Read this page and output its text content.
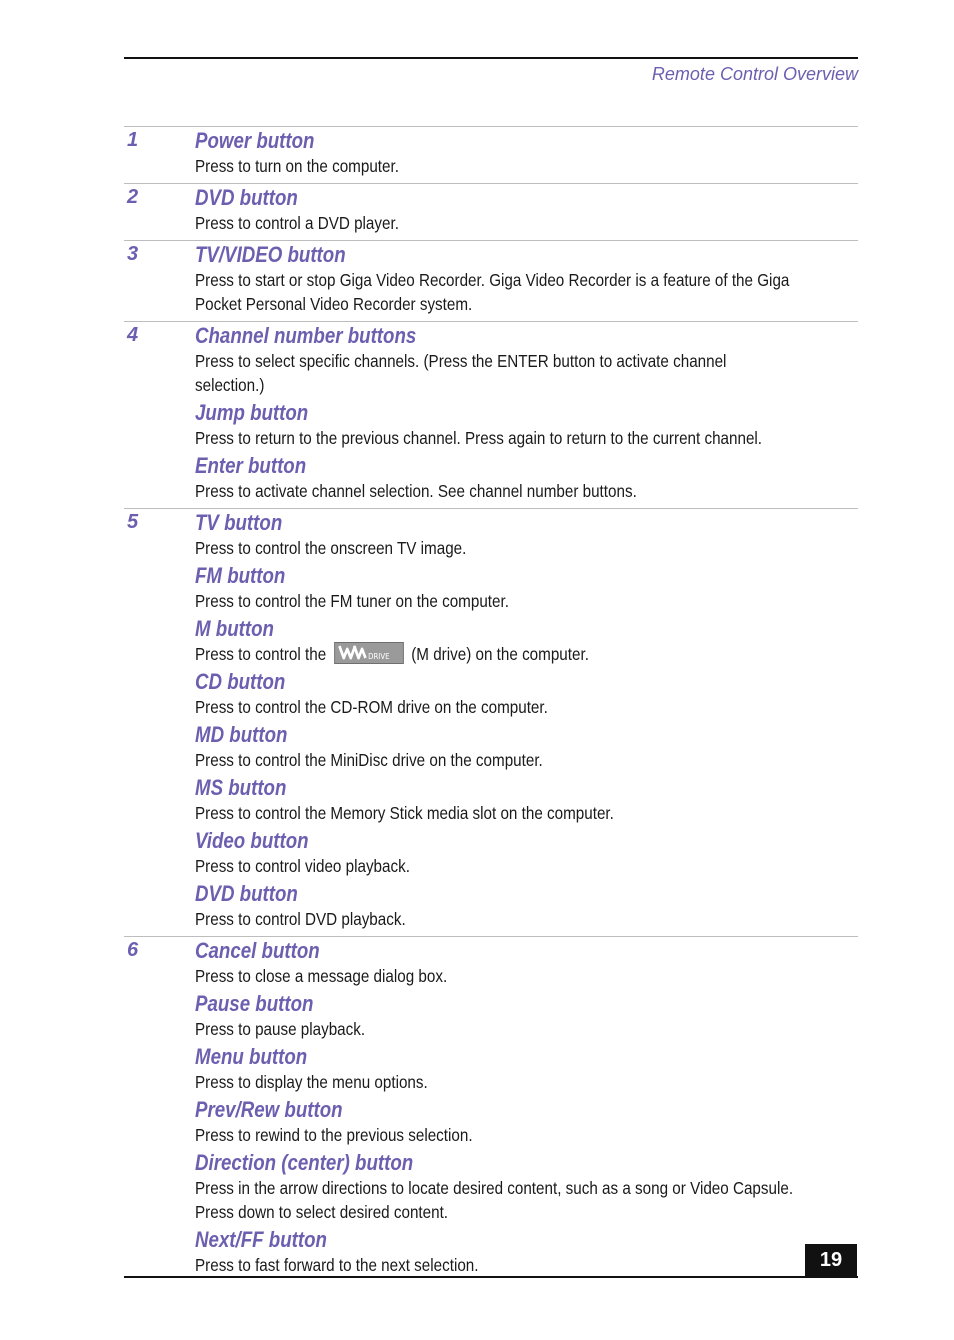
Remote Control Overview
1	Power button
Press to turn on the computer.
2	DVD button
Press to control a DVD player.
3	TV/VIDEO button
Press to start or stop Giga Video Recorder. Giga Video Recorder is a feature of the Giga
Pocket Personal Video Recorder system.
4	Channel number buttons
Press to select specific channels. (Press the ENTER button to activate channel
selection.)
Jump button
Press to return to the previous channel. Press again to return to the current channel.
Enter button
Press to activate channel selection. See channel number buttons.
5	TV button
Press to control the onscreen TV image.
FM button
Press to control the FM tuner on the computer.
M button
Press to control the	DRIVE (M drive) on the computer.
CD button
Press to control the CD-ROM drive on the computer.
MD button
Press to control the MiniDisc drive on the computer.
MS button
Press to control the Memory Stick media slot on the computer.
Video button
Press to control video playback.
DVD button
Press to control DVD playback.
6	Cancel button
Press to close a message dialog box.
Pause button
Press to pause playback.
Menu button
Press to display the menu options.
Prev/Rew button
Press to rewind to the previous selection.
Direction (center) button
Press in the arrow directions to locate desired content, such as a song or Video Capsule.
Press down to select desired content.
Next/FF button
Press to fast forward to the next selection.	19
